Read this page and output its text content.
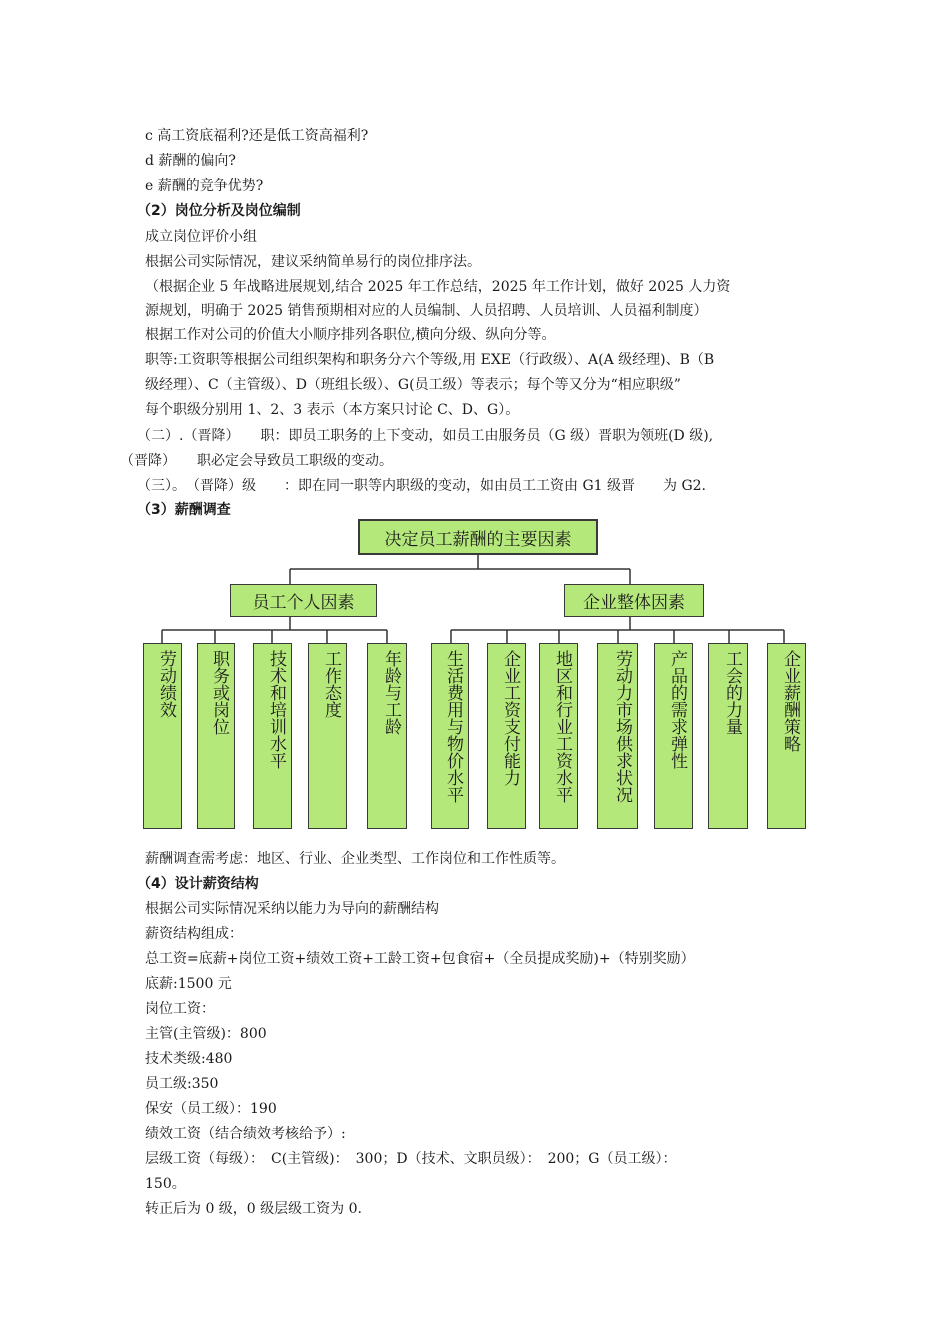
c 高工资底福利?还是低工资高福利?
d 薪酬的偏向?
e 薪酬的竞争优势?
（2）岗位分析及岗位编制
成立岗位评价小组
根据公司实际情况，建议采纳简单易行的岗位排序法。
（根据企业 5 年战略进展规划,结合 2025 年工作总结，2025 年工作计划，做好 2025 人力资
源规划，明确于 2025 销售预期相对应的人员编制、人员招聘、人员培训、人员福利制度）
根据工作对公司的价值大小顺序排列各职位,横向分级、纵向分等。
职等:工资职等根据公司组织架构和职务分六个等级,用 EXE（行政级）、A(A 级经理)、B（B
级经理）、C（主管级）、D（班组长级）、G(员工级）等表示；每个等又分为“相应职级”
每个职级分别用 1、2、3 表示（本方案只讨论 C、D、G）。
（二）.（晋降）　　职：即员工职务的上下变动，如员工由服务员（G 级）晋职为领班(D 级),
（晋降）　　职必定会导致员工职级的变动。
（三）。　（晋降）级　　：即在同一职等内职级的变动，如由员工工资由 G1 级晋　　为 G2.
（3）薪酬调查
决定员工薪酬的主要因素
员工个人因素	企业整体因素
劳动绩效	职务或岗位	技术和培训水平	工作态度	年龄与工龄	生活费用与物价水平	企业工资支付能力	地区和行业工资水平	劳动力市场供求状况	产品的需求弹性	工会的力量	企业薪酬策略
薪酬调查需考虑：地区、行业、企业类型、工作岗位和工作性质等。
（4）设计薪资结构
根据公司实际情况采纳以能力为导向的薪酬结构
薪资结构组成：
总工资=底薪+岗位工资+绩效工资+工龄工资+包食宿+（全员提成奖励)+（特别奖励）
底薪:1500 元
岗位工资：
主管(主管级)：800
技术类级:480
员工级:350
保安（员工级）：190
绩效工资（结合绩效考核给予）:
层级工资（每级）：　C(主管级)：　300；D（技术、文职员级）：　200；G（员工级）：
150。
转正后为 0 级，0 级层级工资为 0.
